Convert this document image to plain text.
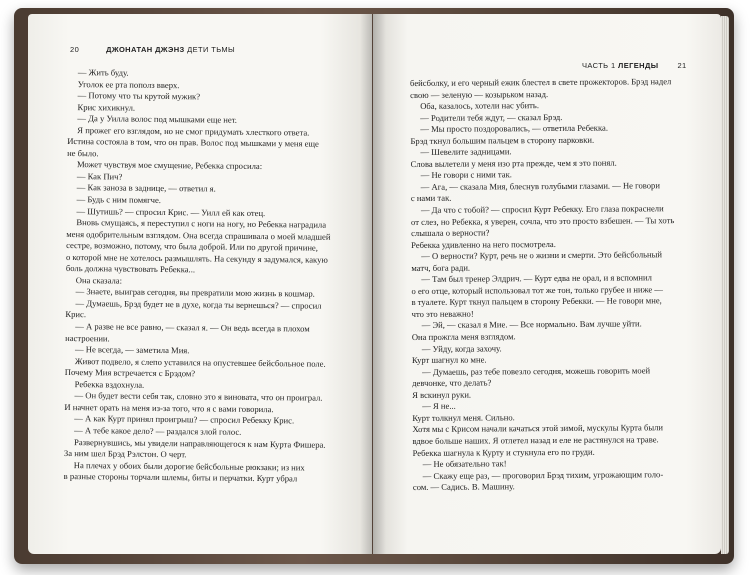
20	ДЖОНАТАН ДЖЭНЗ ДЕТИ ТЬМЫ
ЧАСТЬ 1 ЛЕГЕНДЫ	21
— Жить буду.
Уголок ее рта пополз вверх.
— Потому что ты крутой мужик?
Крис хихикнул.
— Да у Уилла волос под мышками еще нет.
Я прожег его взглядом, но не смог придумать хлесткого ответа.
Истина состояла в том, что он прав. Волос под мышками у меня еще
не было.
Может чувствуя мое смущение, Ребекка спросила:
— Как Пич?
— Как заноза в заднице, — ответил я.
— Будь с ним помягче.
— Шутишь? — спросил Крис. — Уилл ей как отец.
Вновь смущаясь, я переступил с ноги на ногу, но Ребекка наградила
меня одобрительным взглядом. Она всегда спрашивала о моей младшей
сестре, возможно, потому, что была доброй. Или по другой причине,
о которой мне не хотелось размышлять. На секунду я задумался, какую
боль должна чувствовать Ребекка...
Она сказала:
— Знаете, выиграв сегодня, вы превратили мою жизнь в кошмар.
— Думаешь, Брэд будет не в духе, когда ты вернешься? — спросил
Крис.
— А разве не все равно, — сказал я. — Он ведь всегда в плохом
настроении.
— Не всегда, — заметила Мия.
Живот подвело, я слепо уставился на опустевшее бейсбольное поле.
Почему Мия встречается с Брэдом?
Ребекка вздохнула.
— Он будет вести себя так, словно это я виновата, что он проиграл.
И начнет орать на меня из-за того, что я с вами говорила.
— А как Курт принял проигрыш? — спросил Ребекку Крис.
— А тебе какое дело? — раздался злой голос.
Развернувшись, мы увидели направляющегося к нам Курта Фишера.
За ним шел Брэд Рэлстон. О черт.
На плечах у обоих были дорогие бейсбольные рюкзаки; из них
в разные стороны торчали шлемы, биты и перчатки. Курт убрал
бейсболку, и его черный ежик блестел в свете прожекторов. Брэд надел
свою — зеленую — козырьком назад.
Оба, казалось, хотели нас убить.
— Родители тебя ждут, — сказал Брэд.
— Мы просто поздоровались, — ответила Ребекка.
Брэд ткнул большим пальцем в сторону парковки.
— Шевелите задницами.
Слова вылетели у меня изо рта прежде, чем я это понял.
— Не говори с ними так.
— Ага, — сказала Мия, блеснув голубыми глазами. — Не говори
с нами так.
— Да что с тобой? — спросил Курт Ребекку. Его глаза покраснели
от слез, но Ребекка, я уверен, сочла, что это просто взбешен. — Ты хоть
слышала о верности?
Ребекка удивленно на него посмотрела.
— О верности? Курт, речь не о жизни и смерти. Это бейсбольный
матч, бога ради.
— Там был тренер Элдрич. — Курт едва не орал, и я вспомнил
о его отце, который использовал тот же тон, только грубее и ниже —
в туалете. Курт ткнул пальцем в сторону Ребекки. — Не говори мне,
что это неважно!
— Эй, — сказал я Мие. — Все нормально. Вам лучше уйти.
Она прожгла меня взглядом.
— Уйду, когда захочу.
Курт шагнул ко мне.
— Думаешь, раз тебе повезло сегодня, можешь говорить моей
девчонке, что делать?
Я вскинул руки.
— Я не...
Курт толкнул меня. Сильно.
Хотя мы с Крисом начали качаться этой зимой, мускулы Курта были
вдвое больше наших. Я отлетел назад и еле не растянулся на траве.
Ребекка шагнула к Курту и стукнула его по груди.
— Не обязательно так!
— Скажу еще раз, — проговорил Брэд тихим, угрожающим голо-
сом. — Садись. В. Машину.
